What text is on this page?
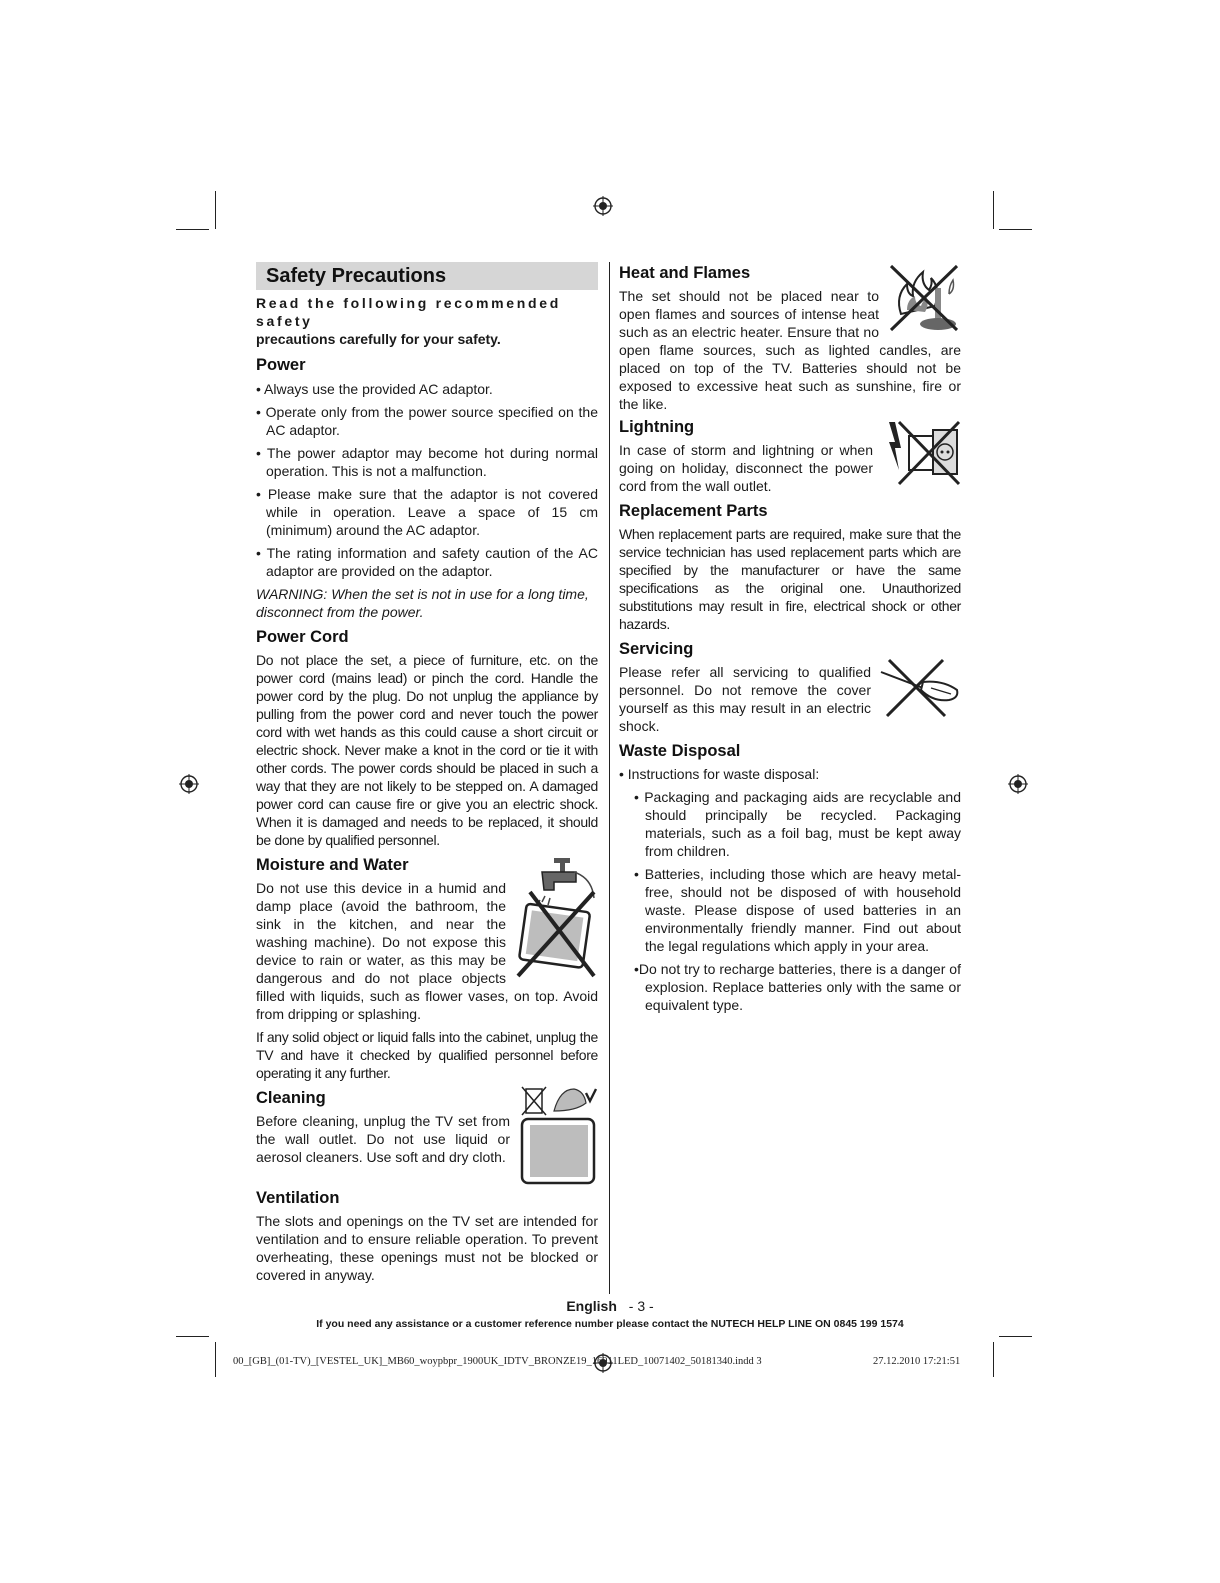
Safety Precautions
Read the following recommended safety
precautions carefully for your safety.
Power
• Always use the provided AC adaptor.
• Operate only from the power source specified on the AC adaptor.
• The power adaptor may become hot during normal operation. This is not a malfunction.
• Please make sure that the adaptor is not covered while in operation. Leave a space of 15 cm (minimum) around the AC adaptor.
• The rating information and safety caution of the AC adaptor are provided on the adaptor.
WARNING: When the set is not in use for a long time, disconnect from the power.
Power Cord

Do not place the set, a piece of furniture, etc. on the power cord (mains lead) or pinch the cord. Handle the power cord by the plug. Do not unplug the appliance by pulling from the power cord and never touch the power cord with wet hands as this could cause a short circuit or electric shock. Never make a knot in the cord or tie it with other cords. The power cords should be placed in such a way that they are not likely to be stepped on. A damaged power cord can cause fire or give you an electric shock. When it is damaged and needs to be replaced, it should be done by qualified personnel.

Moisture and Water

Do not use this device in a humid and damp place (avoid the bathroom, the sink in the kitchen, and near the washing machine). Do not expose this device to rain or water, as this may be dangerous and do not place objects filled with liquids, such as flower vases, on top. Avoid from dripping or splashing.

If any solid object or liquid falls into the cabinet, unplug the TV and have it checked by qualified personnel before operating it any further.

Cleaning

Before cleaning, unplug the TV set from the wall outlet. Do not use liquid or aerosol cleaners. Use soft and dry cloth.

Ventilation

The slots and openings on the TV set are intended for ventilation and to ensure reliable operation. To prevent overheating, these openings must not be blocked or covered in anyway.

Heat and Flames

The set should not be placed near to open flames and sources of intense heat such as an electric heater. Ensure that no open flame sources, such as lighted candles, are placed on top of the TV. Batteries should not be exposed to excessive heat such as sunshine, fire or the like.

Lightning

In case of storm and lightning or when going on holiday, disconnect the power cord from the wall outlet.

Replacement Parts

When replacement parts are required, make sure that the service technician has used replacement parts which are specified by the manufacturer or have the same specifications as the original one. Unauthorized substitutions may result in fire, electrical shock or other hazards.

Servicing

Please refer all servicing to qualified personnel. Do not remove the cover yourself as this may result in an electric shock.

Waste Disposal
• Instructions for waste disposal:
• Packaging and packaging aids are recyclable and should principally be recycled. Packaging materials, such as a foil bag, must be kept away from children.
• Batteries, including those which are heavy metal-free, should not be disposed of with household waste. Please dispose of used batteries in an environmentally friendly manner. Find out about the legal regulations which apply in your area.
•Do not try to recharge batteries, there is a danger of explosion. Replace batteries only with the same or equivalent type.
English - 3 -
If you need any assistance or a customer reference number please contact the NUTECH HELP LINE ON 0845 199 1574
00_[GB]_(01-TV)_[VESTEL_UK]_MB60_woypbpr_1900UK_IDTV_BRONZE19_16911LED_10071402_50181340.indd 3	27.12.2010 17:21:51
